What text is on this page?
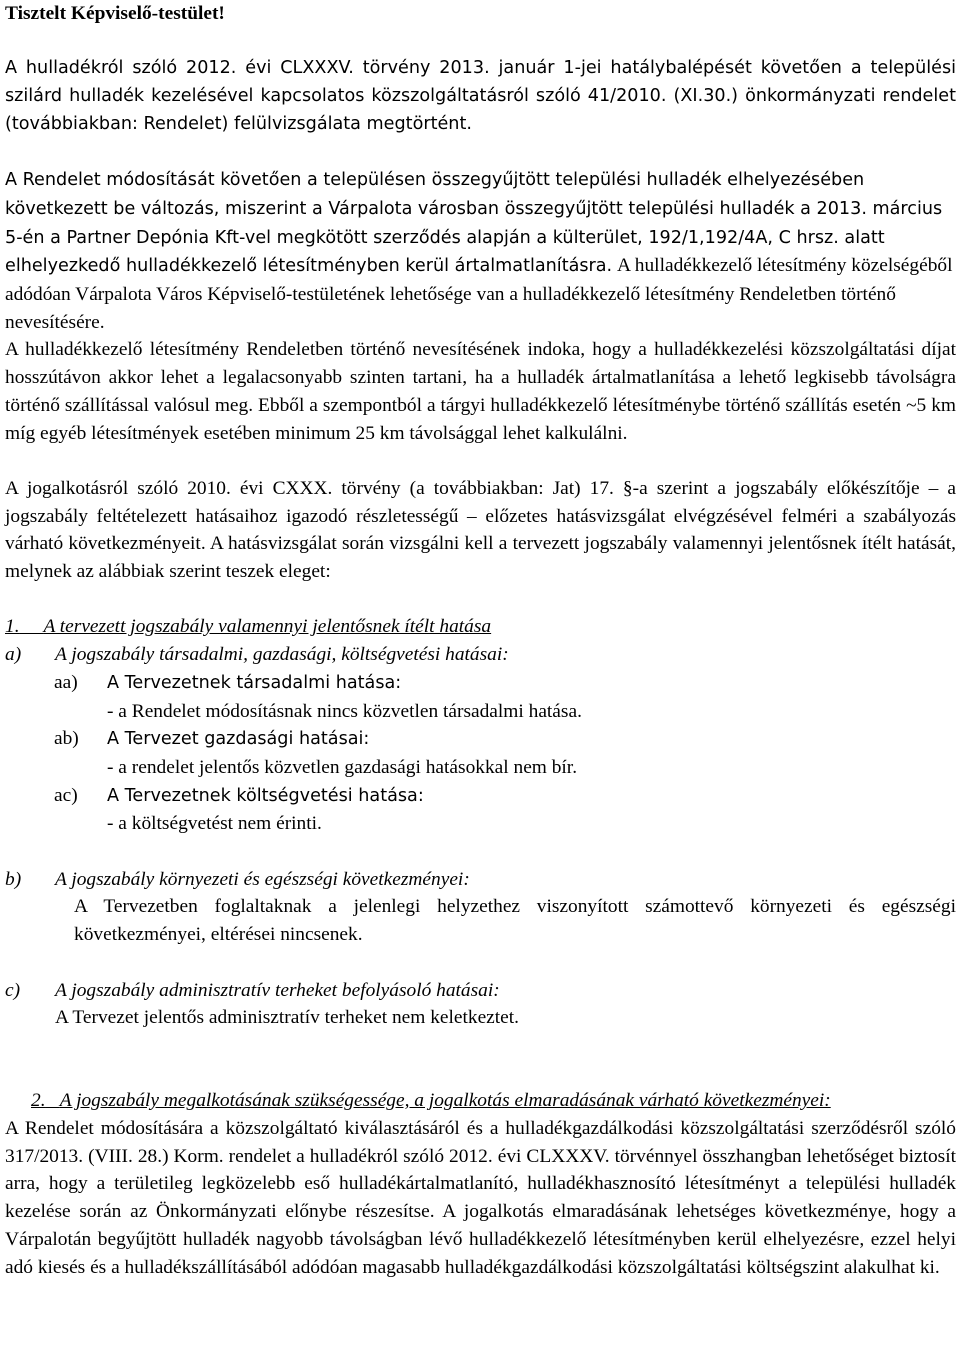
Tisztelt Képviselő-testület!

A hulladékról szóló 2012. évi CLXXXV. törvény 2013. január 1-jei hatálybalépését követően a települési szilárd hulladék kezelésével kapcsolatos közszolgáltatásról szóló 41/2010. (XI.30.) önkormányzati rendelet (továbbiakban: Rendelet) felülvizsgálata megtörtént.

A Rendelet módosítását követően a településen összegyűjtött települési hulladék elhelyezésében következett be változás, miszerint a Várpalota városban összegyűjtött települési hulladék a 2013. március 5-én a Partner Depónia Kft-vel megkötött szerződés alapján a külterület, 192/1,192/4A, C hrsz. alatt elhelyezkedő hulladékkezelő létesítményben kerül ártalmatlanításra.

A hulladékkezelő létesítmény közelségéből adódóan Várpalota Város Képviselő-testületének lehetősége van a hulladékkezelő létesítmény Rendeletben történő nevesítésére.

A hulladékkezelő létesítmény Rendeletben történő nevesítésének indoka, hogy a hulladékkezelési közszolgáltatási díjat hosszútávon akkor lehet a legalacsonyabb szinten tartani, ha a hulladék ártalmatlanítása a lehető legkisebb távolságra történő szállítással valósul meg. Ebből a szempontból a tárgyi hulladékkezelő létesítménybe történő szállítás esetén ~5 km míg egyéb létesítmények esetében minimum 25 km távolsággal lehet kalkulálni.

A jogalkotásról szóló 2010. évi CXXX. törvény (a továbbiakban: Jat) 17. §-a szerint a jogszabály előkészítője – a jogszabály feltételezett hatásaihoz igazodó részletességű – előzetes hatásvizsgálat elvégzésével felméri a szabályozás várható következményeit. A hatásvizsgálat során vizsgálni kell a tervezett jogszabály valamennyi jelentősnek ítélt hatását, melynek az alábbiak szerint teszek eleget:

1. A tervezett jogszabály valamennyi jelentősnek ítélt hatása

a) A jogszabály társadalmi, gazdasági, költségvetési hatásai:

aa) A Tervezetnek társadalmi hatása:

- a Rendelet módosításnak nincs közvetlen társadalmi hatása.

ab) A Tervezet gazdasági hatásai:

- a rendelet jelentős közvetlen gazdasági hatásokkal nem bír.

ac) A Tervezetnek költségvetési hatása:

- a költségvetést nem érinti.

b) A jogszabály környezeti és egészségi következményei:

A Tervezetben foglaltaknak a jelenlegi helyzethez viszonyított számottevő környezeti és egészségi következményei, eltérései nincsenek.

c) A jogszabály adminisztratív terheket befolyásoló hatásai:

A Tervezet jelentős adminisztratív terheket nem keletkeztet.

2. A jogszabály megalkotásának szükségessége, a jogalkotás elmaradásának várható következményei:

A Rendelet módosítására a közszolgáltató kiválasztásáról és a hulladékgazdálkodási közszolgáltatási szerződésről szóló 317/2013. (VIII. 28.) Korm. rendelet a hulladékról szóló 2012. évi CLXXXV. törvénnyel összhangban lehetőséget biztosít arra, hogy a területileg legközelebb eső hulladékártalmatlanító, hulladékhasznosító létesítményt a települési hulladék kezelése során az Önkormányzati előnybe részesítse. A jogalkotás elmaradásának lehetséges következménye, hogy a Várpalotán begyűjtött hulladék nagyobb távolságban lévő hulladékkezelő létesítményben kerül elhelyezésre, ezzel helyi adó kiesés és a hulladékszállításából adódóan magasabb hulladékgazdálkodási közszolgáltatási költségszint alakulhat ki.
